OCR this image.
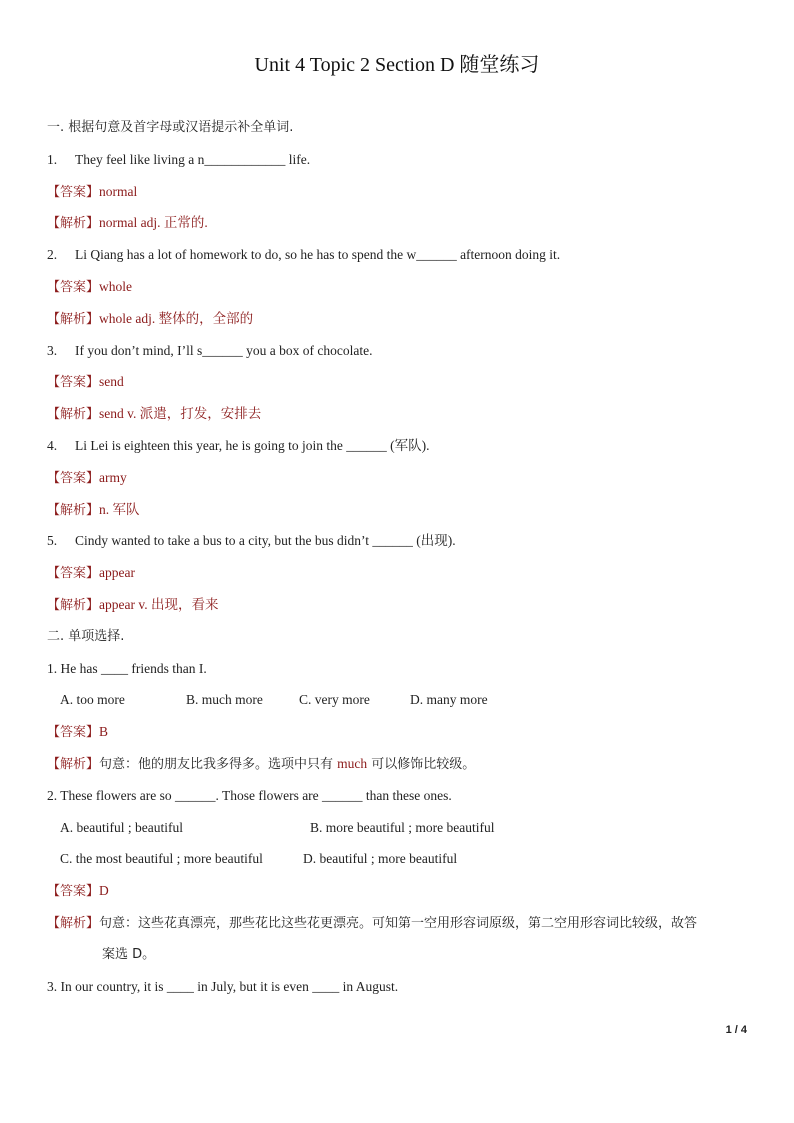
Unit 4 Topic 2 Section D 随堂练习
一. 根据句意及首字母或汉语提示补全单词.
1. They feel like living a n____________ life.
【答案】normal
【解析】normal adj. 正常的.
2. Li Qiang has a lot of homework to do, so he has to spend the w______ afternoon doing it.
【答案】whole
【解析】whole adj. 整体的，全部的
3. If you don’t mind, I’ll s______ you a box of chocolate.
【答案】send
【解析】send v. 派遣，打发，安排去
4. Li Lei is eighteen this year, he is going to join the ______ (军队).
【答案】army
【解析】n. 军队
5. Cindy wanted to take a bus to a city, but the bus didn’t ______ (出现).
【答案】appear
【解析】appear v. 出现，看来
二. 单项选择.
1. He has ____ friends than I.
A. too more	B. much more	C. very more	D. many more
【答案】B
【解析】句意：他的朋友比我多得多。选项中只有 much 可以修饰比较级。
2. These flowers are so ______. Those flowers are ______ than these ones.
A. beautiful ; beautiful	B. more beautiful ; more beautiful
C. the most beautiful ; more beautiful	D. beautiful ; more beautiful
【答案】D
【解析】句意：这些花真漂亮，那些花比这些花更漂亮。可知第一空用形容词原级，第二空用形容词比较级，故答
案选 D。
3. In our country, it is ____ in July, but it is even ____ in August.
1 / 4
